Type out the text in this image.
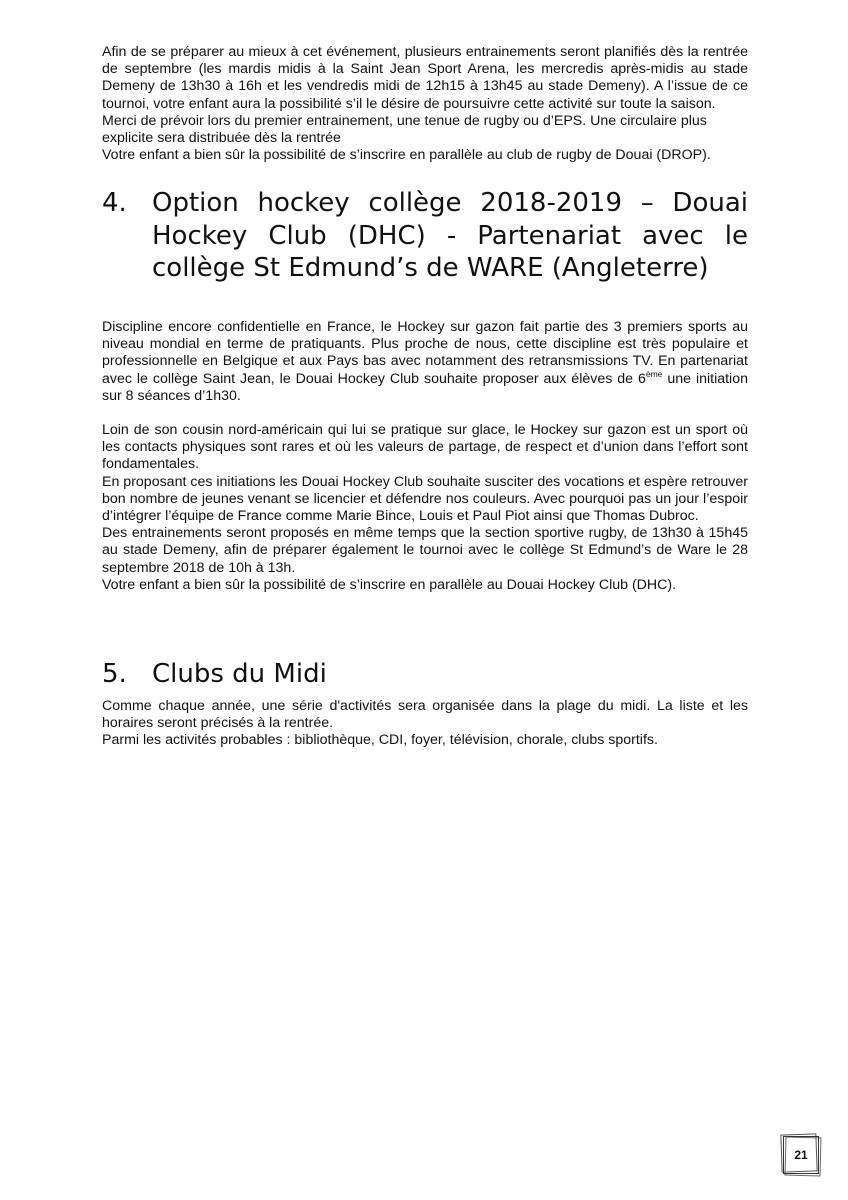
Afin de se préparer au mieux à cet événement, plusieurs entrainements seront planifiés dès la rentrée de septembre (les mardis midis à la Saint Jean Sport Arena, les mercredis après-midis au stade Demeny de 13h30 à 16h et les vendredis midi de 12h15 à 13h45 au stade Demeny). A l’issue de ce tournoi, votre enfant aura la possibilité s’il le désire de poursuivre cette activité sur toute la saison.

Merci de prévoir lors du premier entrainement, une tenue de rugby ou d’EPS. Une circulaire plus explicite sera distribuée dès la rentrée

Votre enfant a bien sûr la possibilité de s’inscrire en parallèle au club de rugby de Douai (DROP).

4. Option hockey collège 2018-2019 – Douai Hockey Club (DHC) - Partenariat avec le collège St Edmund’s de WARE (Angleterre)

Discipline encore confidentielle en France, le Hockey sur gazon fait partie des 3 premiers sports au niveau mondial en terme de pratiquants. Plus proche de nous, cette discipline est très populaire et professionnelle en Belgique et aux Pays bas avec notamment des retransmissions TV. En partenariat avec le collège Saint Jean, le Douai Hockey Club souhaite proposer aux élèves de 6ème une initiation sur 8 séances d’1h30.

Loin de son cousin nord-américain qui lui se pratique sur glace, le Hockey sur gazon est un sport où les contacts physiques sont rares et où les valeurs de partage, de respect et d’union dans l’effort sont fondamentales.

En proposant ces initiations les Douai Hockey Club souhaite susciter des vocations et espère retrouver bon nombre de jeunes venant se licencier et défendre nos couleurs. Avec pourquoi pas un jour l’espoir d’intégrer l’équipe de France comme Marie Bince, Louis et Paul Piot ainsi que Thomas Dubroc.

Des entrainements seront proposés en même temps que la section sportive rugby, de 13h30 à 15h45 au stade Demeny, afin de préparer également le tournoi avec le collège St Edmund’s de Ware le 28 septembre 2018 de 10h à 13h.

Votre enfant a bien sûr la possibilité de s’inscrire en parallèle au Douai Hockey Club (DHC).

5. Clubs du Midi

Comme chaque année, une série d'activités sera organisée dans la plage du midi. La liste et les horaires seront précisés à la rentrée.

Parmi les activités probables : bibliothèque, CDI, foyer, télévision, chorale, clubs sportifs.

21
